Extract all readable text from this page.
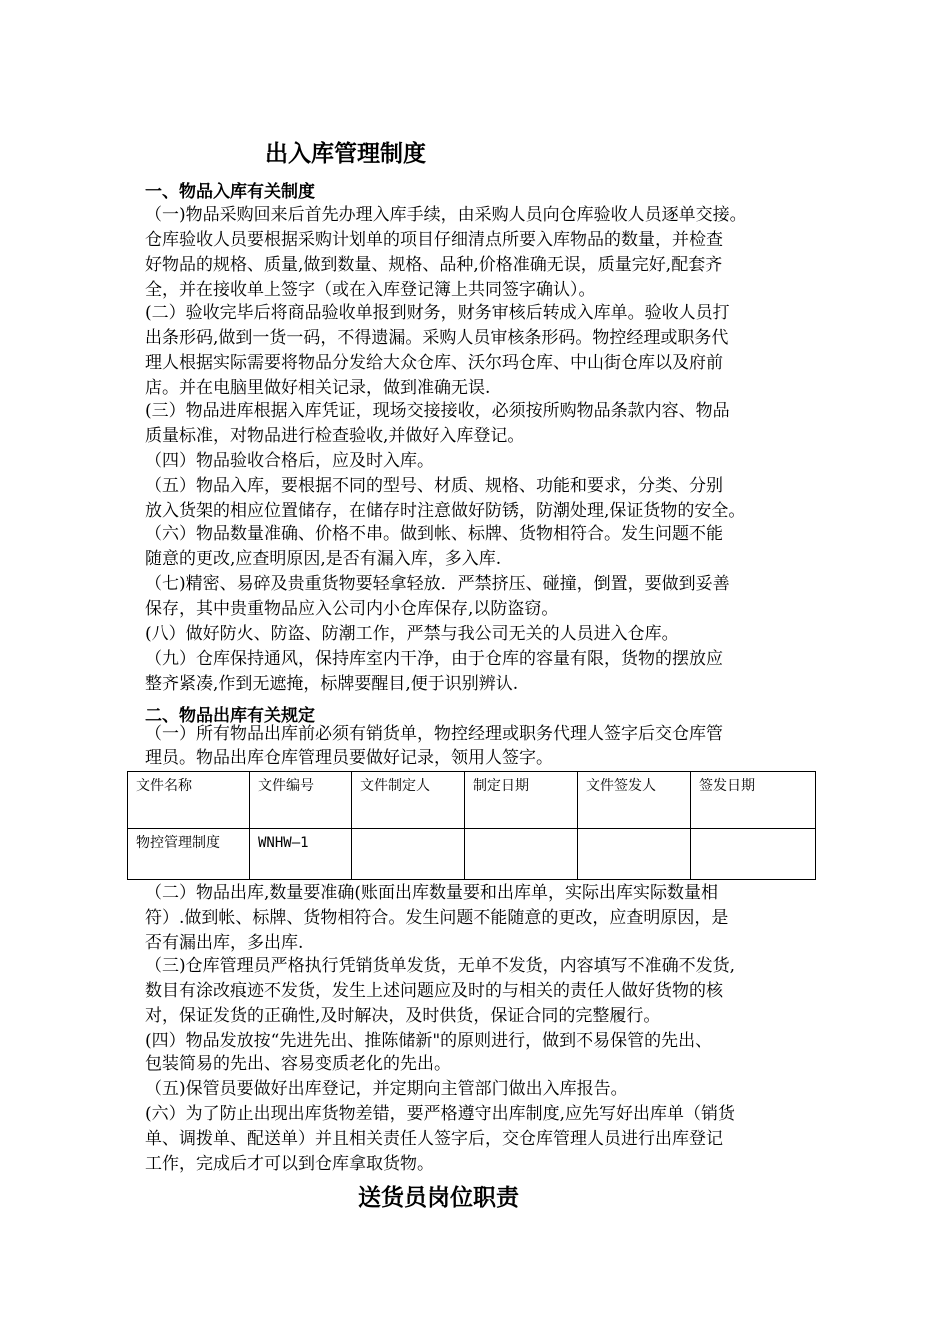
出入库管理制度
一、物品入库有关制度
（一)物品采购回来后首先办理入库手续，由采购人员向仓库验收人员逐单交接。
仓库验收人员要根据采购计划单的项目仔细清点所要入库物品的数量，并检查
好物品的规格、质量,做到数量、规格、品种,价格准确无误，质量完好,配套齐
全，并在接收单上签字（或在入库登记簿上共同签字确认）。
(二）验收完毕后将商品验收单报到财务，财务审核后转成入库单。验收人员打
出条形码,做到一货一码，不得遗漏。采购人员审核条形码。物控经理或职务代
理人根据实际需要将物品分发给大众仓库、沃尔玛仓库、中山街仓库以及府前
店。并在电脑里做好相关记录，做到准确无误.
(三）物品进库根据入库凭证，现场交接接收，必须按所购物品条款内容、物品
质量标准，对物品进行检查验收,并做好入库登记。
（四）物品验收合格后，应及时入库。
（五）物品入库，要根据不同的型号、材质、规格、功能和要求，分类、分别
放入货架的相应位置储存，在储存时注意做好防锈，防潮处理,保证货物的安全。
（六）物品数量准确、价格不串。做到帐、标牌、货物相符合。发生问题不能
随意的更改,应查明原因,是否有漏入库，多入库.
（七)精密、易碎及贵重货物要轻拿轻放．严禁挤压、碰撞，倒置，要做到妥善
保存，其中贵重物品应入公司内小仓库保存,以防盗窃。
(八）做好防火、防盗、防潮工作，严禁与我公司无关的人员进入仓库。
（九）仓库保持通风，保持库室内干净，由于仓库的容量有限，货物的摆放应
整齐紧凑,作到无遮掩，标牌要醒目,便于识别辨认.
二、物品出库有关规定
（一）所有物品出库前必须有销货单，物控经理或职务代理人签字后交仓库管
理员。物品出库仓库管理员要做好记录，领用人签字。
文件名称	文件编号	文件制定人	制定日期	文件签发人	签发日期
物控管理制度	WNHW—1				
（二）物品出库,数量要准确(账面出库数量要和出库单，实际出库实际数量相
符）.做到帐、标牌、货物相符合。发生问题不能随意的更改，应查明原因，是
否有漏出库，多出库.
（三)仓库管理员严格执行凭销货单发货，无单不发货，内容填写不准确不发货,
数目有涂改痕迹不发货，发生上述问题应及时的与相关的责任人做好货物的核
对，保证发货的正确性,及时解决，及时供货，保证合同的完整履行。
(四）物品发放按“先进先出、推陈储新"的原则进行，做到不易保管的先出、
包装简易的先出、容易变质老化的先出。
（五)保管员要做好出库登记，并定期向主管部门做出入库报告。
(六）为了防止出现出库货物差错，要严格遵守出库制度,应先写好出库单（销货
单、调拨单、配送单）并且相关责任人签字后，交仓库管理人员进行出库登记
工作，完成后才可以到仓库拿取货物。
送货员岗位职责
